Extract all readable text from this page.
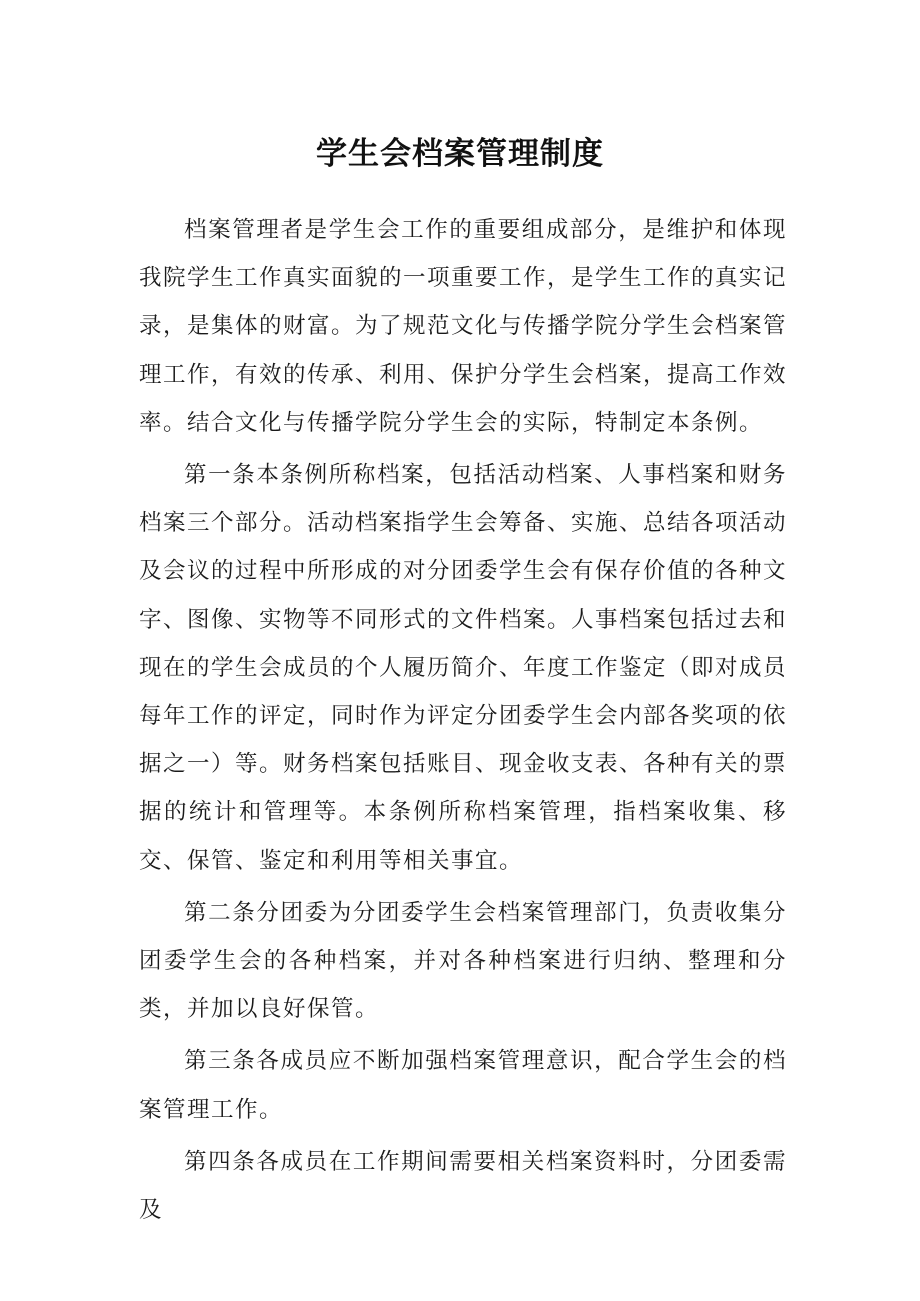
学生会档案管理制度

档案管理者是学生会工作的重要组成部分，是维护和体现我院学生工作真实面貌的一项重要工作，是学生工作的真实记录，是集体的财富。为了规范文化与传播学院分学生会档案管理工作，有效的传承、利用、保护分学生会档案，提高工作效率。结合文化与传播学院分学生会的实际，特制定本条例。

第一条本条例所称档案，包括活动档案、人事档案和财务档案三个部分。活动档案指学生会筹备、实施、总结各项活动及会议的过程中所形成的对分团委学生会有保存价值的各种文字、图像、实物等不同形式的文件档案。人事档案包括过去和现在的学生会成员的个人履历简介、年度工作鉴定（即对成员每年工作的评定，同时作为评定分团委学生会内部各奖项的依据之一）等。财务档案包括账目、现金收支表、各种有关的票据的统计和管理等。本条例所称档案管理，指档案收集、移交、保管、鉴定和利用等相关事宜。

第二条分团委为分团委学生会档案管理部门，负责收集分团委学生会的各种档案，并对各种档案进行归纳、整理和分类，并加以良好保管。

第三条各成员应不断加强档案管理意识，配合学生会的档案管理工作。

第四条各成员在工作期间需要相关档案资料时，分团委需及
